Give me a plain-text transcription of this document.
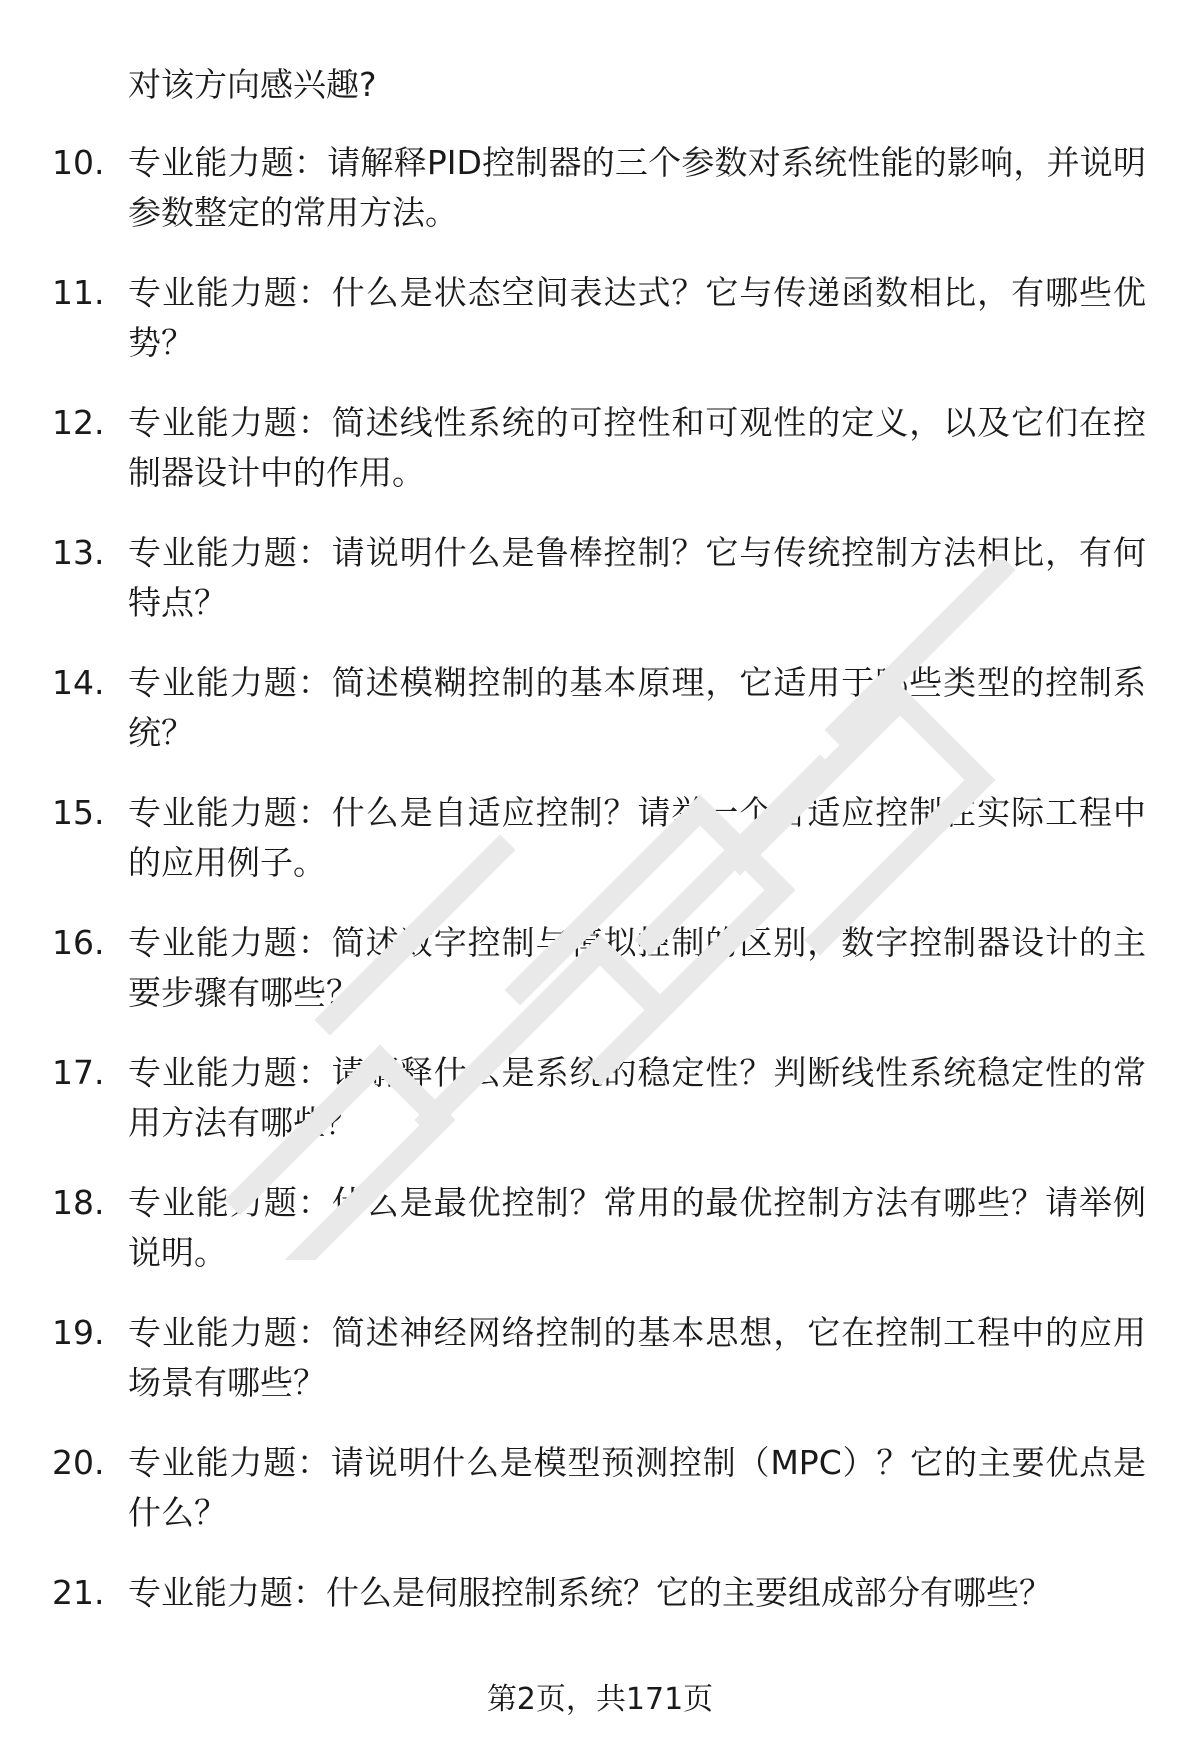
对该方向感兴趣?
10. 专业能力题：请解释PID控制器的三个参数对系统性能的影响，并说明参数整定的常用方法。
11. 专业能力题：什么是状态空间表达式？它与传递函数相比，有哪些优势？
12. 专业能力题：简述线性系统的可控性和可观性的定义，以及它们在控制器设计中的作用。
13. 专业能力题：请说明什么是鲁棒控制？它与传统控制方法相比，有何特点？
14. 专业能力题：简述模糊控制的基本原理，它适用于哪些类型的控制系统？
15. 专业能力题：什么是自适应控制？请举一个自适应控制在实际工程中的应用例子。
16. 专业能力题：简述数字控制与模拟控制的区别，数字控制器设计的主要步骤有哪些？
17. 专业能力题：请解释什么是系统的稳定性？判断线性系统稳定性的常用方法有哪些？
18. 专业能力题：什么是最优控制？常用的最优控制方法有哪些？请举例说明。
19. 专业能力题：简述神经网络控制的基本思想，它在控制工程中的应用场景有哪些？
20. 专业能力题：请说明什么是模型预测控制（MPC）？它的主要优点是什么？
21. 专业能力题：什么是伺服控制系统？它的主要组成部分有哪些？
第2页，共171页
